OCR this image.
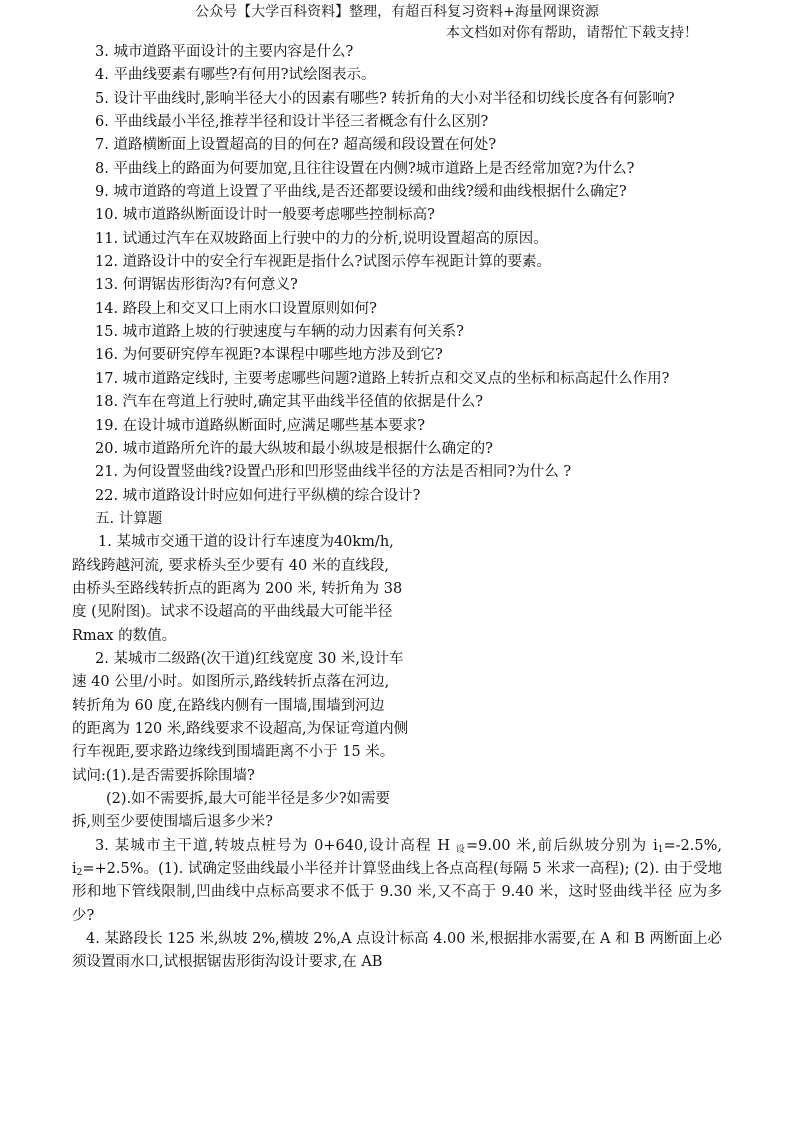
公众号【大学百科资料】整理，有超百科复习资料+海量网课资源
本文档如对你有帮助，请帮忙下载支持！
3. 城市道路平面设计的主要内容是什么?
4. 平曲线要素有哪些?有何用?试绘图表示。
5. 设计平曲线时,影响半径大小的因素有哪些? 转折角的大小对半径和切线长度各有何影响?
6. 平曲线最小半径,推荐半径和设计半径三者概念有什么区别?
7. 道路横断面上设置超高的目的何在? 超高缓和段设置在何处?
8. 平曲线上的路面为何要加宽,且往往设置在内侧?城市道路上是否经常加宽?为什么?
9. 城市道路的弯道上设置了平曲线,是否还都要设缓和曲线?缓和曲线根据什么确定?
10. 城市道路纵断面设计时一般要考虑哪些控制标高?
11. 试通过汽车在双坡路面上行驶中的力的分析,说明设置超高的原因。
12. 道路设计中的安全行车视距是指什么?试图示停车视距计算的要素。
13. 何谓锯齿形街沟?有何意义?
14. 路段上和交叉口上雨水口设置原则如何?
15. 城市道路上坡的行驶速度与车辆的动力因素有何关系?
16. 为何要研究停车视距?本课程中哪些地方涉及到它?
17. 城市道路定线时, 主要考虑哪些问题?道路上转折点和交叉点的坐标和标高起什么作用?
18. 汽车在弯道上行驶时,确定其平曲线半径值的依据是什么?
19. 在设计城市道路纵断面时,应满足哪些基本要求?
20. 城市道路所允许的最大纵坡和最小纵坡是根据什么确定的?
21. 为何设置竖曲线?设置凸形和凹形竖曲线半径的方法是否相同?为什么 ?
22. 城市道路设计时应如何进行平纵横的综合设计?
五. 计算题
1. 某城市交通干道的设计行车速度为40km/h,
路线跨越河流, 要求桥头至少要有 40 米的直线段,
由桥头至路线转折点的距离为 200 米, 转折角为 38
度 (见附图)。试求不设超高的平曲线最大可能半径
Rmax 的数值。
2. 某城市二级路(次干道)红线宽度 30 米,设计车
速 40 公里/小时。如图所示,路线转折点落在河边,
转折角为 60 度,在路线内侧有一围墙,围墙到河边
的距离为 120 米,路线要求不设超高,为保证弯道内侧
行车视距,要求路边缘线到围墙距离不小于 15 米。
试问:(1).是否需要拆除围墙?
(2).如不需要拆,最大可能半径是多少?如需要
拆,则至少要使围墙后退多少米?
3. 某城市主干道,转坡点桩号为 0+640,设计高程 H $_设$=9.00 米,前后纵坡分别为 $i_1=-2.5\%$, $i_2=+2.5\%$。(1). 试确定竖曲线最小半径并计算竖曲线上各点高程(每隔 5 米求一高程); (2). 由于受地形和地下管线限制,凹曲线中点标高要求不低于 9.30 米,又不高于 9.40 米，这时竖曲线半径 应为多少?
4. 某路段长 125 米,纵坡 2%,横坡 2%,A 点设计标高 4.00 米,根据排水需要,在 A 和 B 两断面上必须设置雨水口,试根据锯齿形街沟设计要求,在 AB
